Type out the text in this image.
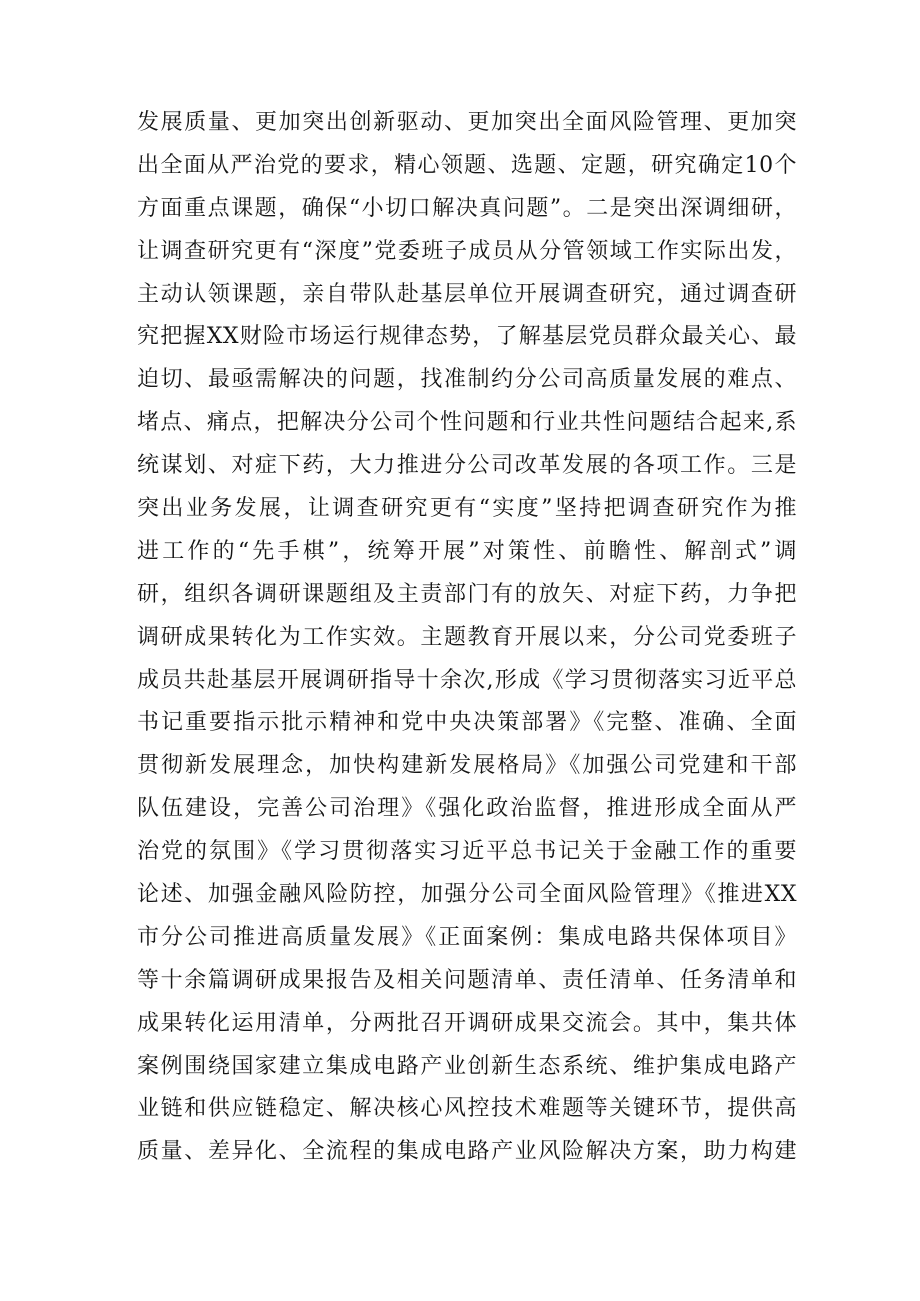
发展质量、更加突出创新驱动、更加突出全面风险管理、更加突
出全面从严治党的要求，精心领题、选题、定题，研究确定10个
方面重点课题，确保“小切口解决真问题”。二是突出深调细研，
让调查研究更有“深度”党委班子成员从分管领域工作实际出发，
主动认领课题，亲自带队赴基层单位开展调查研究，通过调查研
究把握XX财险市场运行规律态势，了解基层党员群众最关心、最
迫切、最亟需解决的问题，找准制约分公司高质量发展的难点、
堵点、痛点，把解决分公司个性问题和行业共性问题结合起来,系
统谋划、对症下药，大力推进分公司改革发展的各项工作。三是
突出业务发展，让调查研究更有“实度”坚持把调查研究作为推
进工作的“先手棋”，统筹开展”对策性、前瞻性、解剖式”调
研，组织各调研课题组及主责部门有的放矢、对症下药，力争把
调研成果转化为工作实效。主题教育开展以来，分公司党委班子
成员共赴基层开展调研指导十余次,形成《学习贯彻落实习近平总
书记重要指示批示精神和党中央决策部署》《完整、准确、全面
贯彻新发展理念，加快构建新发展格局》《加强公司党建和干部
队伍建设，完善公司治理》《强化政治监督，推进形成全面从严
治党的氛围》《学习贯彻落实习近平总书记关于金融工作的重要
论述、加强金融风险防控，加强分公司全面风险管理》《推进XX
市分公司推进高质量发展》《正面案例：集成电路共保体项目》
等十余篇调研成果报告及相关问题清单、责任清单、任务清单和
成果转化运用清单，分两批召开调研成果交流会。其中，集共体
案例围绕国家建立集成电路产业创新生态系统、维护集成电路产
业链和供应链稳定、解决核心风控技术难题等关键环节，提供高
质量、差异化、全流程的集成电路产业风险解决方案，助力构建
